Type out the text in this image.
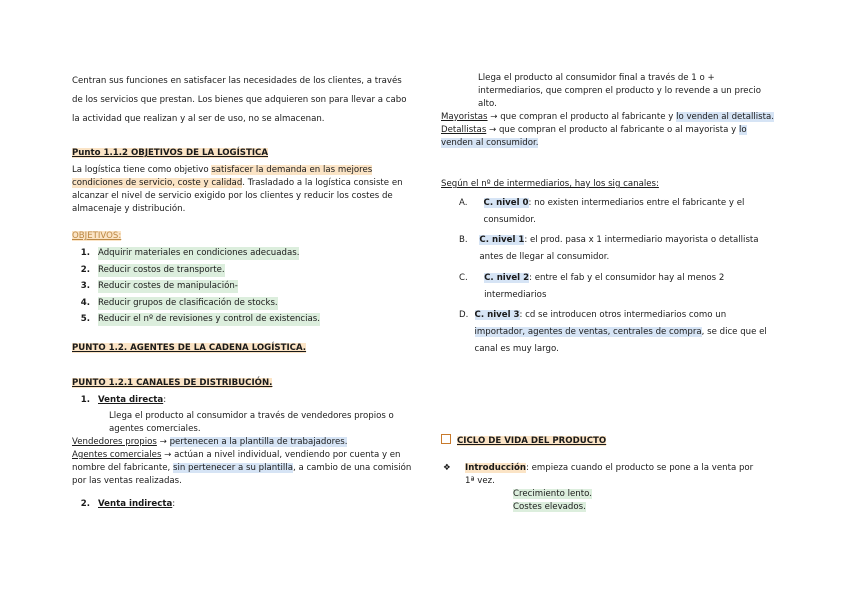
Centran sus funciones en satisfacer las necesidades de los clientes, a través de los servicios que prestan. Los bienes que adquieren son para llevar a cabo la actividad que realizan y al ser de uso, no se almacenan.

Punto 1.1.2 OBJETIVOS DE LA LOGÍSTICA

La logística tiene como objetivo satisfacer la demanda en las mejores condiciones de servicio, coste y calidad. Trasladado a la logística consiste en alcanzar el nivel de servicio exigido por los clientes y reducir los costes de almacenaje y distribución.

OBJETIVOS:

1. Adquirir materiales en condiciones adecuadas.
2. Reducir costos de transporte.
3. Reducir costes de manipulación-
4. Reducir grupos de clasificación de stocks.
5. Reducir el nº de revisiones y control de existencias.

PUNTO 1.2. AGENTES DE LA CADENA LOGÍSTICA.

PUNTO 1.2.1 CANALES DE DISTRIBUCIÓN.

1. Venta directa:

Llega el producto al consumidor a través de vendedores propios o agentes comerciales.

Vendedores propios → pertenecen a la plantilla de trabajadores.

Agentes comerciales → actúan a nivel individual, vendiendo por cuenta y en nombre del fabricante, sin pertenecer a su plantilla, a cambio de una comisión por las ventas realizadas.

2. Venta indirecta:

Llega el producto al consumidor final a través de 1 o + intermediarios, que compren el producto y lo revende a un precio alto.

Mayoristas → que compran el producto al fabricante y lo venden al detallista.

Detallistas → que compran el producto al fabricante o al mayorista y lo venden al consumidor.

Según el nº de intermediarios, hay los sig canales:

A.	C. nivel 0: no existen intermediarios entre el fabricante y el consumidor.
B.	C. nivel 1: el prod. pasa x 1 intermediario mayorista o detallista antes de llegar al consumidor.
C.	C. nivel 2: entre el fab y el consumidor hay al menos 2 intermediarios
D. C. nivel 3: cd se introducen otros intermediarios como un importador, agentes de ventas, centrales de compra, se dice que el canal es muy largo.

CICLO DE VIDA DEL PRODUCTO

❖	Introducción: empieza cuando el producto se pone a la venta por 1ª vez.

Crecimiento lento.

Costes elevados.
